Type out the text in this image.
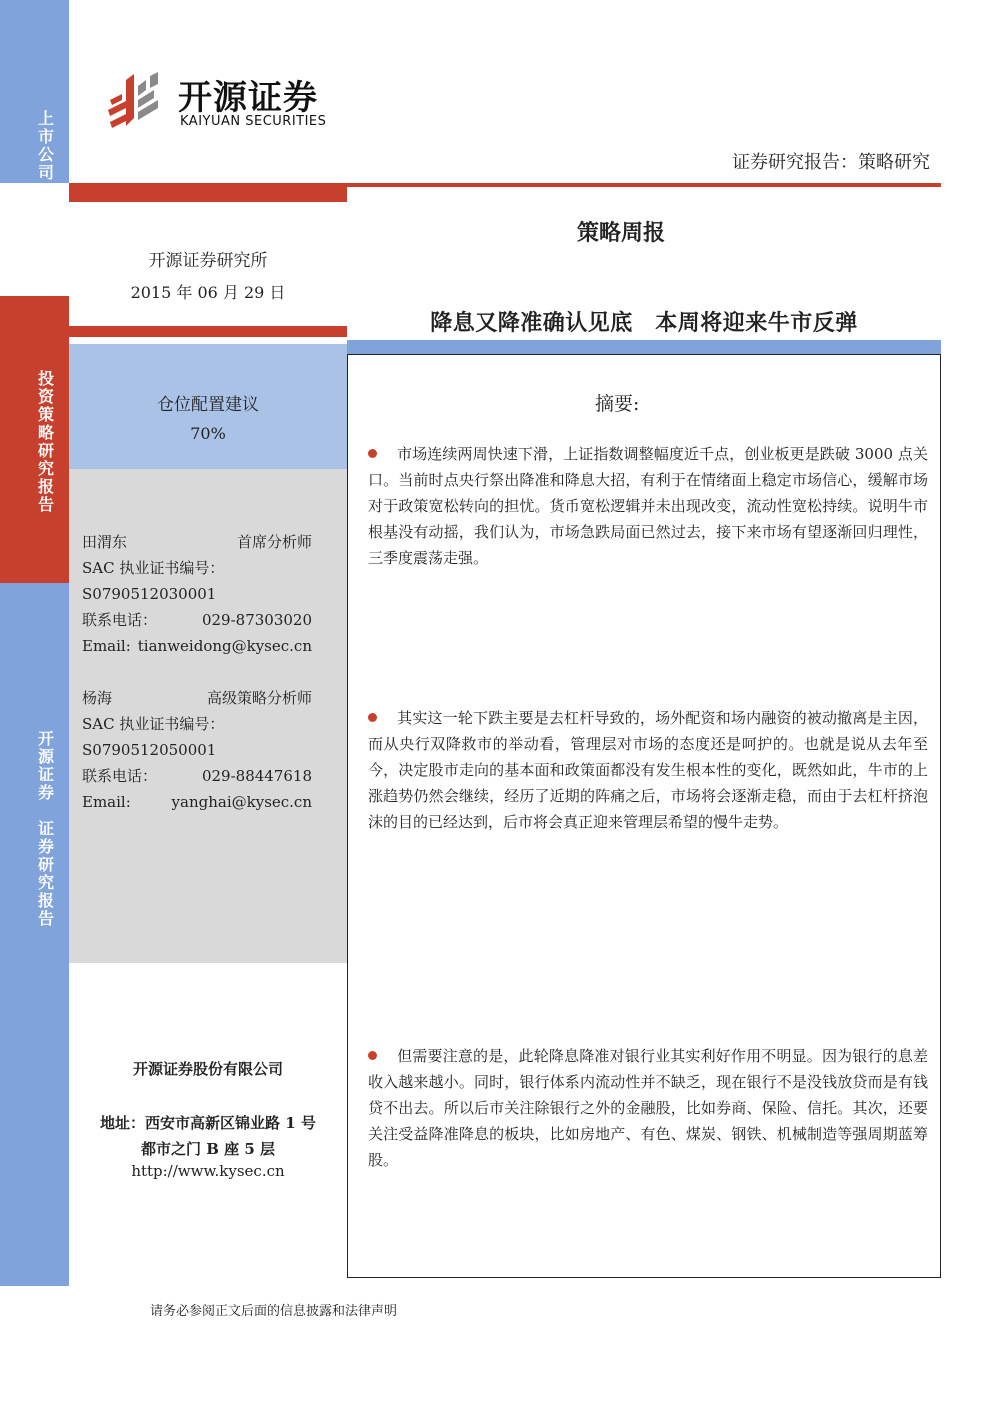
上
市
公
司
投
资
策
略
研
究
报
告
开
源
证
券

证
券
研
究
报
告
开源证券
KAIYUAN SECURITIES
证券研究报告：策略研究
开源证券研究所
2015 年 06 月 29 日
策略周报
降息又降准确认见底　本周将迎来牛市反弹
仓位配置建议
70%
田渭东	首席分析师
SAC 执业证书编号：
S0790512030001
联系电话：	029-87303020
Email: tianweidong@kysec.cn
杨海	高级策略分析师
SAC 执业证书编号：
S0790512050001
联系电话：	029-88447618
Email:	yanghai@kysec.cn
开源证券股份有限公司
地址：西安市高新区锦业路 1 号
都市之门 B 座 5 层
http://www.kysec.cn
摘要:
市场连续两周快速下滑，上证指数调整幅度近千点，创业板更是跌破 3000 点关口。当前时点央行祭出降准和降息大招，有利于在情绪面上稳定市场信心，缓解市场对于政策宽松转向的担忧。货币宽松逻辑并未出现改变，流动性宽松持续。说明牛市根基没有动摇，我们认为，市场急跌局面已然过去，接下来市场有望逐渐回归理性，三季度震荡走强。
其实这一轮下跌主要是去杠杆导致的，场外配资和场内融资的被动撤离是主因，而从央行双降救市的举动看，管理层对市场的态度还是呵护的。也就是说从去年至今，决定股市走向的基本面和政策面都没有发生根本性的变化，既然如此，牛市的上涨趋势仍然会继续，经历了近期的阵痛之后，市场将会逐渐走稳，而由于去杠杆挤泡沫的目的已经达到，后市将会真正迎来管理层希望的慢牛走势。
但需要注意的是，此轮降息降准对银行业其实利好作用不明显。因为银行的息差收入越来越小。同时，银行体系内流动性并不缺乏，现在银行不是没钱放贷而是有钱贷不出去。所以后市关注除银行之外的金融股，比如券商、保险、信托。其次，还要关注受益降准降息的板块，比如房地产、有色、煤炭、钢铁、机械制造等强周期蓝筹股。
请务必参阅正文后面的信息披露和法律声明
